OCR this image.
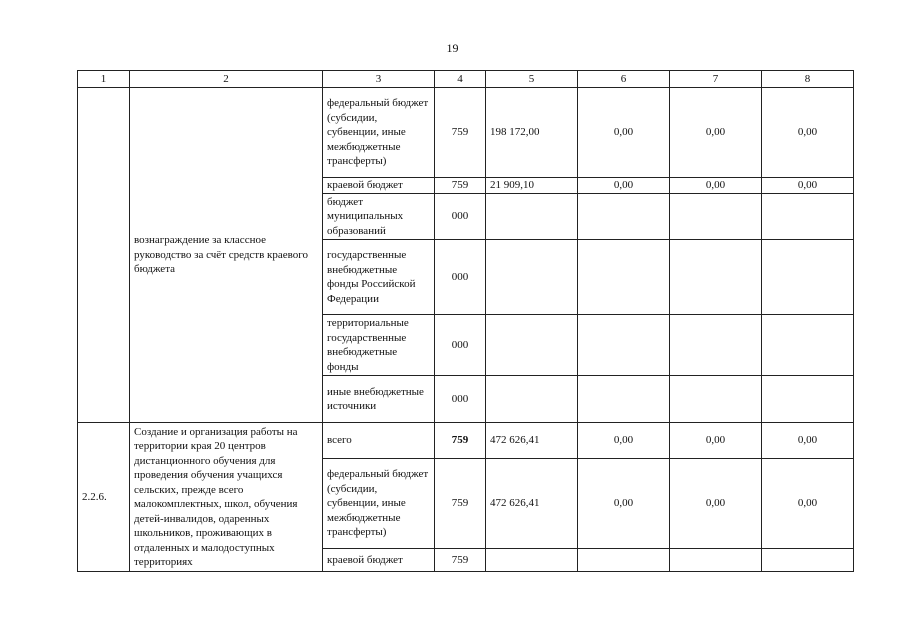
19
1	2	3	4	5	6	7	8
	вознаграждение за классное руководство за счёт средств краевого бюджета	федеральный бюджет (субсидии, субвенции, иные межбюджетные трансферты)	759	198 172,00	0,00	0,00	0,00
		краевой бюджет	759	21 909,10	0,00	0,00	0,00
		бюджет муниципальных образований	000				
		государственные внебюджетные фонды Российской Федерации	000				
		территориальные государственные внебюджетные фонды	000				
		иные внебюджетные источники	000				
2.2.6.	Создание и организация работы на территории края 20 центров дистанционного обучения для проведения обучения учащихся сельских, прежде всего малокомплектных, школ, обучения детей-инвалидов, одаренных школьников, проживающих в отдаленных и малодоступных территориях	всего	759	472 626,41	0,00	0,00	0,00
		федеральный бюджет (субсидии, субвенции, иные межбюджетные трансферты)	759	472 626,41	0,00	0,00	0,00
		краевой бюджет	759				
